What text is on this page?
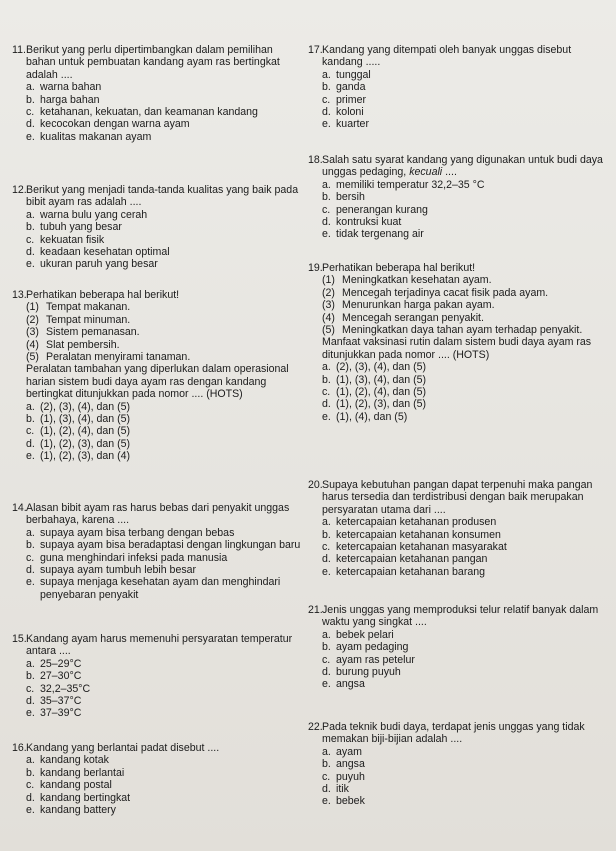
11.Berikut yang perlu dipertimbangkan dalam pemilihan bahan untuk pembuatan kandang ayam ras bertingkat adalah ....

a. warna bahan

b. harga bahan

c. ketahanan, kekuatan, dan keamanan kandang

d. kecocokan dengan warna ayam

e. kualitas makanan ayam

12.Berikut yang menjadi tanda-tanda kualitas yang baik pada bibit ayam ras adalah ....

a. warna bulu yang cerah

b. tubuh yang besar

c. kekuatan fisik

d. keadaan kesehatan optimal

e. ukuran paruh yang besar

13.Perhatikan beberapa hal berikut!

(1) Tempat makanan.

(2) Tempat minuman.

(3) Sistem pemanasan.

(4) Slat pembersih.

(5) Peralatan menyirami tanaman.

Peralatan tambahan yang diperlukan dalam operasional harian sistem budi daya ayam ras dengan kandang bertingkat ditunjukkan pada nomor .... (HOTS)

a. (2), (3), (4), dan (5)

b. (1), (3), (4), dan (5)

c. (1), (2), (4), dan (5)

d. (1), (2), (3), dan (5)

e. (1), (2), (3), dan (4)

14.Alasan bibit ayam ras harus bebas dari penyakit unggas berbahaya, karena ....

a. supaya ayam bisa terbang dengan bebas

b. supaya ayam bisa beradaptasi dengan lingkungan baru

c. guna menghindari infeksi pada manusia

d. supaya ayam tumbuh lebih besar

e. supaya menjaga kesehatan ayam dan menghindari penyebaran penyakit

15.Kandang ayam harus memenuhi persyaratan temperatur antara ....

a. 25–29°C

b. 27–30°C

c. 32,2–35°C

d. 35–37°C

e. 37–39°C

16.Kandang yang berlantai padat disebut ....

a. kandang kotak

b. kandang berlantai

c. kandang postal

d. kandang bertingkat

e. kandang battery

17.Kandang yang ditempati oleh banyak unggas disebut kandang .....

a. tunggal

b. ganda

c. primer

d. koloni

e. kuarter

18.Salah satu syarat kandang yang digunakan untuk budi daya unggas pedaging, kecuali ....

a. memiliki temperatur 32,2–35 °C

b. bersih

c. penerangan kurang

d. kontruksi kuat

e. tidak tergenang air

19.Perhatikan beberapa hal berikut!

(1) Meningkatkan kesehatan ayam.

(2) Mencegah terjadinya cacat fisik pada ayam.

(3) Menurunkan harga pakan ayam.

(4) Mencegah serangan penyakit.

(5) Meningkatkan daya tahan ayam terhadap penyakit.

Manfaat vaksinasi rutin dalam sistem budi daya ayam ras ditunjukkan pada nomor .... (HOTS)

a. (2), (3), (4), dan (5)

b. (1), (3), (4), dan (5)

c. (1), (2), (4), dan (5)

d. (1), (2), (3), dan (5)

e. (1), (4), dan (5)

20.Supaya kebutuhan pangan dapat terpenuhi maka pangan harus tersedia dan terdistribusi dengan baik merupakan persyaratan utama dari ....

a. ketercapaian ketahanan produsen

b. ketercapaian ketahanan konsumen

c. ketercapaian ketahanan masyarakat

d. ketercapaian ketahanan pangan

e. ketercapaian ketahanan barang

21.Jenis unggas yang memproduksi telur relatif banyak dalam waktu yang singkat ....

a. bebek pelari

b. ayam pedaging

c. ayam ras petelur

d. burung puyuh

e. angsa

22.Pada teknik budi daya, terdapat jenis unggas yang tidak memakan biji-bijian adalah ....

a. ayam

b. angsa

c. puyuh

d. itik

e. bebek
